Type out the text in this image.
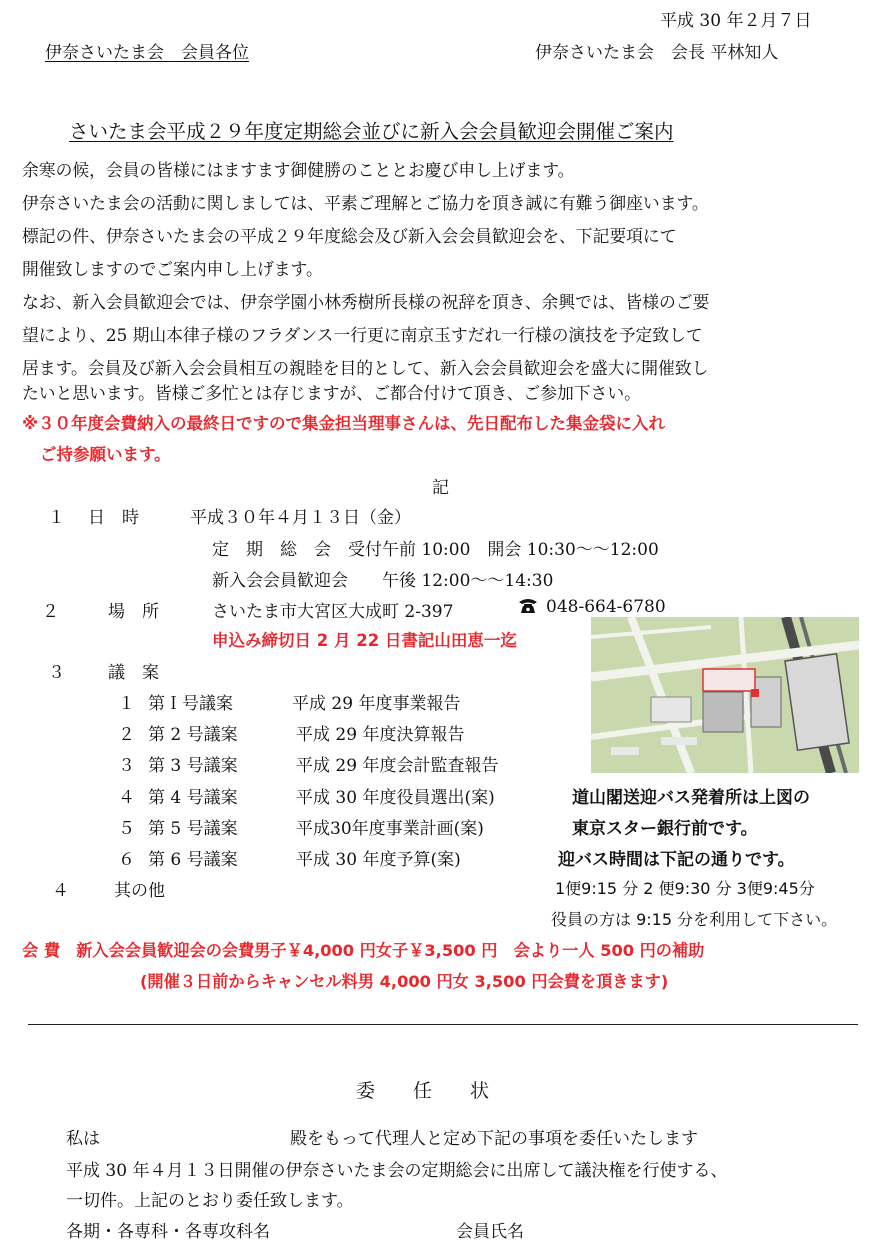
平成 30 年２月７日
伊奈さいたま会　会員各位	伊奈さいたま会　会長 平林知人
さいたま会平成２９年度定期総会並びに新入会会員歓迎会開催ご案内
余寒の候，会員の皆様にはますます御健勝のこととお慶び申し上げます。
伊奈さいたま会の活動に関しましては、平素ご理解とご協力を頂き誠に有難う御座います。
標記の件、伊奈さいたま会の平成２９年度総会及び新入会会員歓迎会を、下記要項にて
開催致しますのでご案内申し上げます。
なお、新入会員歓迎会では、伊奈学園小林秀樹所長様の祝辞を頂き、余興では、皆様のご要
望により、25 期山本律子様のフラダンス一行更に南京玉すだれ一行様の演技を予定致して
居ます。会員及び新入会会員相互の親睦を目的として、新入会会員歓迎会を盛大に開催致し
たいと思います。皆様ご多忙とは存じますが、ご都合付けて頂き、ご参加下さい。
※３０年度会費納入の最終日ですので集金担当理事さんは、先日配布した集金袋に入れ
ご持参願います。
記
１ 日　時	平成３０年４月１３日（金）
定　期　総　会　受付午前 10:00　開会 10:30～～12:00
新入会会員歓迎会　　午後 12:00～～14:30
２	場　所	さいたま市大宮区大成町 2-397	048-664-6780
申込み締切日 2 月 22 日書記山田恵一迄
３	議　案
１ 第Ｉ号議案	平成 29 年度事業報告
２ 第 2 号議案	平成 29 年度決算報告
３ 第 3 号議案	平成 29 年度会計監査報告
４ 第 4 号議案	平成 30 年度役員選出(案)
５ 第 5 号議案	平成30年度事業計画(案)
６ 第 6 号議案	平成 30 年度予算(案)
道山閣送迎バス発着所は上図の
東京スター銀行前です。
迎バス時間は下記の通りです。
1便9:15 分 2 便9:30 分 3便9:45分
役員の方は 9:15 分を利用して下さい。
４	其の他
会 費　新入会会員歓迎会の会費男子￥4,000 円女子￥3,500 円　会より一人 500 円の補助
(開催３日前からキャンセル料男 4,000 円女 3,500 円会費を頂きます)
委　　任　　状
私は	殿をもって代理人と定め下記の事項を委任いたします
平成 30 年４月１３日開催の伊奈さいたま会の定期総会に出席して議決権を行使する、
一切件。上記のとおり委任致します。
各期・各専科・各専攻科名	会員氏名
